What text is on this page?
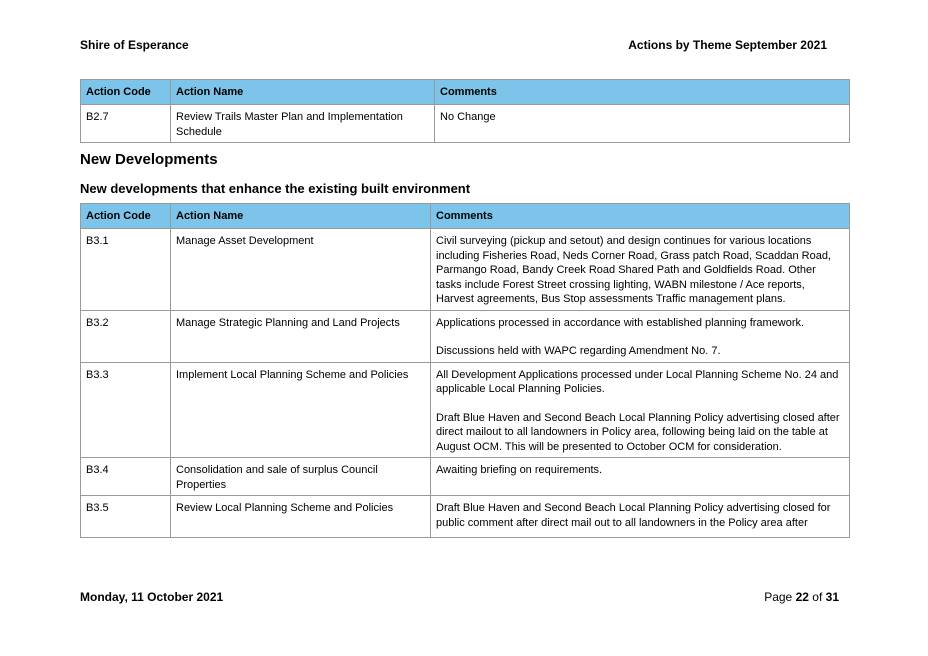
Shire of Esperance	Actions by Theme September 2021
Action Code	Action Name	Comments
B2.7	Review Trails Master Plan and Implementation Schedule	No Change

New Developments
New developments that enhance the existing built environment
Action Code	Action Name	Comments
B3.1	Manage Asset Development	Civil surveying (pickup and setout) and design continues for various locations including Fisheries Road, Neds Corner Road, Grass patch Road, Scaddan Road, Parmango Road, Bandy Creek Road Shared Path and Goldfields Road. Other tasks include Forest Street crossing lighting, WABN milestone / Ace reports, Harvest agreements, Bus Stop assessments Traffic management plans.

B3.2	Manage Strategic Planning and Land Projects	Applications processed in accordance with established planning framework.

Discussions held with WAPC regarding Amendment No. 7.

B3.3	Implement Local Planning Scheme and Policies	All Development Applications processed under Local Planning Scheme No. 24 and applicable Local Planning Policies.

Draft Blue Haven and Second Beach Local Planning Policy advertising closed after direct mailout to all landowners in Policy area, following being laid on the table at August OCM. This will be presented to October OCM for consideration.

B3.4	Consolidation and sale of surplus Council Properties	Awaiting briefing on requirements.

B3.5	Review Local Planning Scheme and Policies	Draft Blue Haven and Second Beach Local Planning Policy advertising closed for public comment after direct mail out to all landowners in the Policy area after

Monday, 11 October 2021	Page 22 of 31
